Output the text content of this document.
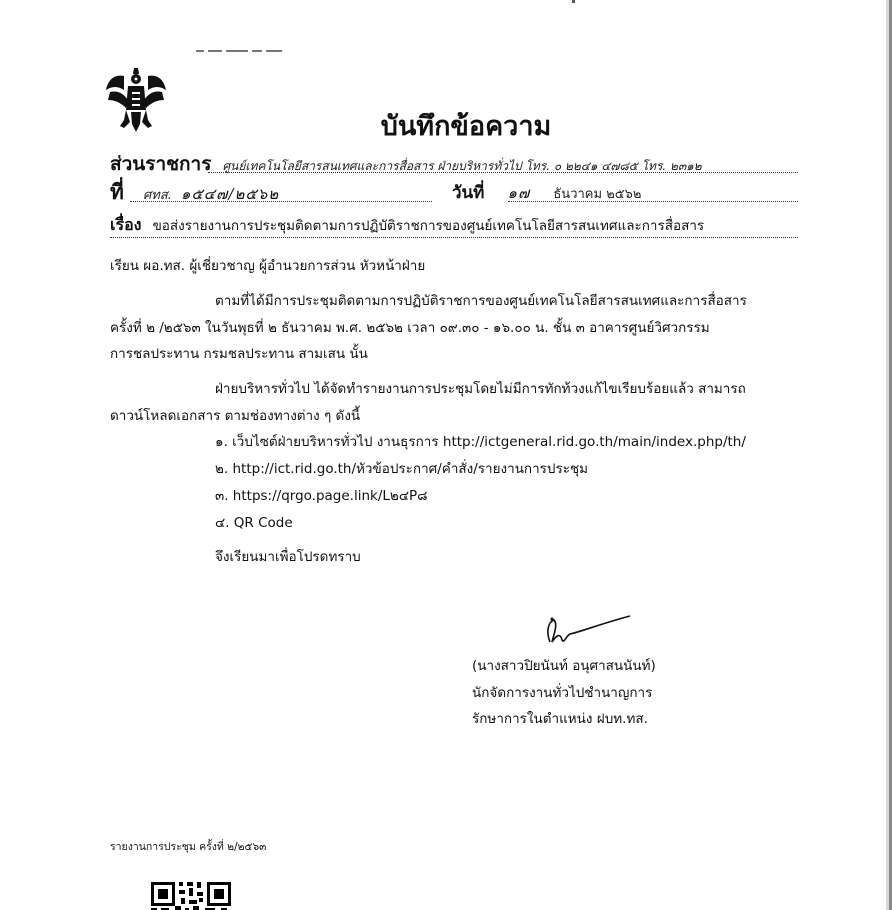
บันทึกข้อความ
ส่วนราชการ ศูนย์เทคโนโลยีสารสนเทศและการสื่อสาร ฝ่ายบริหารทั่วไป โทร. ๐ ๒๒๔๑ ๔๗๘๕ โทร. ๒๓๑๒
ที่ ศทส. ๑๕๔๗/๒๕๖๒	วันที่ ๑๗ ธันวาคม ๒๕๖๒
เรื่อง ขอส่งรายงานการประชุมติดตามการปฏิบัติราชการของศูนย์เทคโนโลยีสารสนเทศและการสื่อสาร
เรียน ผอ.ทส. ผู้เชี่ยวชาญ ผู้อำนวยการส่วน หัวหน้าฝ่าย
ตามที่ได้มีการประชุมติดตามการปฏิบัติราชการของศูนย์เทคโนโลยีสารสนเทศและการสื่อสาร
ครั้งที่ ๒ /๒๕๖๓ ในวันพุธที่ ๒ ธันวาคม พ.ศ. ๒๕๖๒ เวลา ๐๙.๓๐ - ๑๖.๐๐ น. ชั้น ๓ อาคารศูนย์วิศวกรรม
การชลประทาน กรมชลประทาน สามเสน นั้น
ฝ่ายบริหารทั่วไป ได้จัดทำรายงานการประชุมโดยไม่มีการทักท้วงแก้ไขเรียบร้อยแล้ว สามารถ
ดาวน์โหลดเอกสาร ตามช่องทางต่าง ๆ ดังนี้
๑. เว็บไซต์ฝ่ายบริหารทั่วไป งานธุรการ http://ictgeneral.rid.go.th/main/index.php/th/
๒. http://ict.rid.go.th/หัวข้อประกาศ/คำสั่ง/รายงานการประชุม
๓. https://qrgo.page.link/L๒๔P๘
๔. QR Code
จึงเรียนมาเพื่อโปรดทราบ
(นางสาวปิยนันท์ อนุศาสนนันท์)
นักจัดการงานทั่วไปชำนาญการ
รักษาการในตำแหน่ง ฝบท.ทส.
รายงานการประชุม ครั้งที่ ๒/๒๕๖๓
